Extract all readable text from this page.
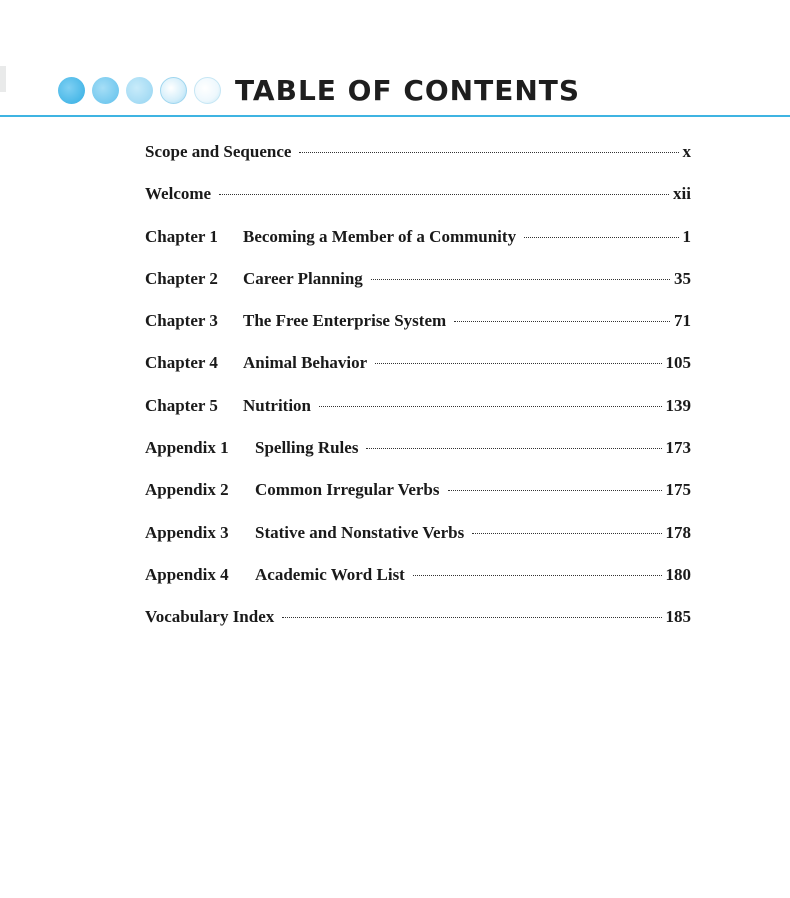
TABLE OF CONTENTS
Scope and Sequence	x
Welcome	xii
Chapter 1	Becoming a Member of a Community	1
Chapter 2	Career Planning	35
Chapter 3	The Free Enterprise System	71
Chapter 4	Animal Behavior	105
Chapter 5	Nutrition	139
Appendix 1	Spelling Rules	173
Appendix 2	Common Irregular Verbs	175
Appendix 3	Stative and Nonstative Verbs	178
Appendix 4	Academic Word List	180
Vocabulary Index	185
